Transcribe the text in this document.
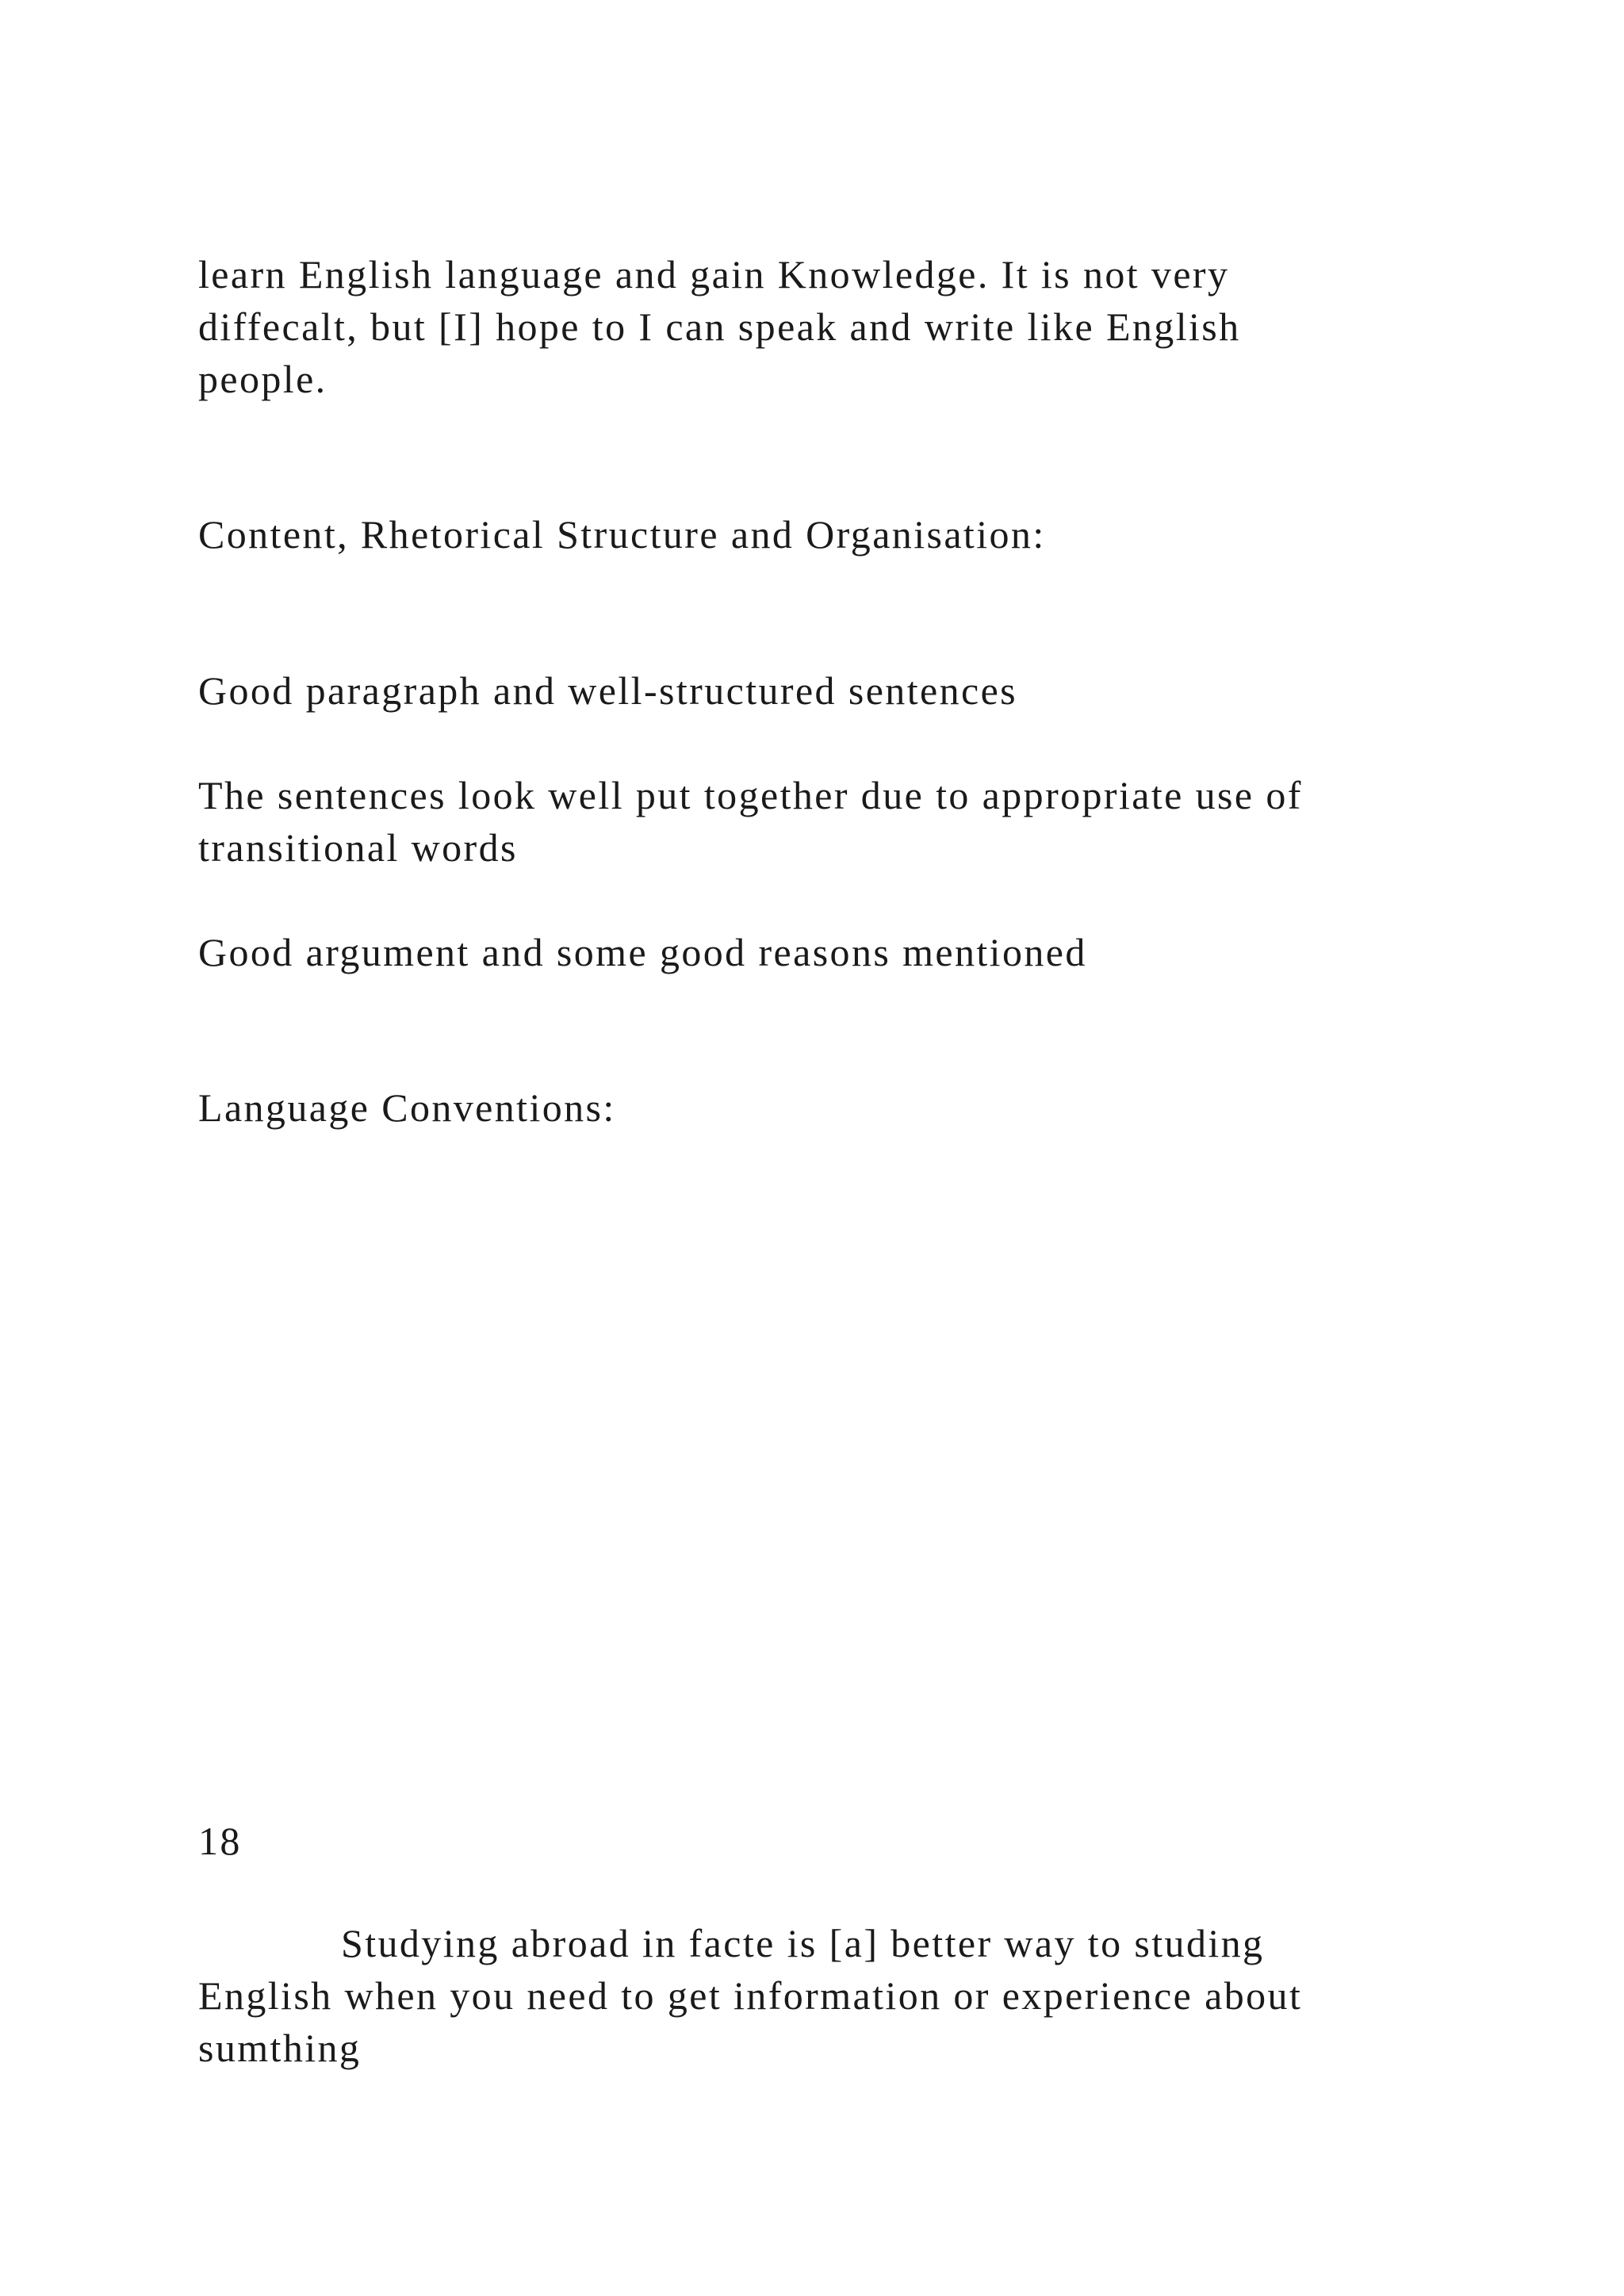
learn English language and gain Knowledge. It is not very

diffecalt, but [I] hope to I can speak and write like English

people.

Content, Rhetorical Structure and Organisation:

Good paragraph and well-structured sentences

The sentences look well put together due to appropriate use of

transitional words

Good argument and some good reasons mentioned

Language Conventions:

18

Studying abroad in facte is [a] better way to studing

English when you need to get information or experience about

sumthing
